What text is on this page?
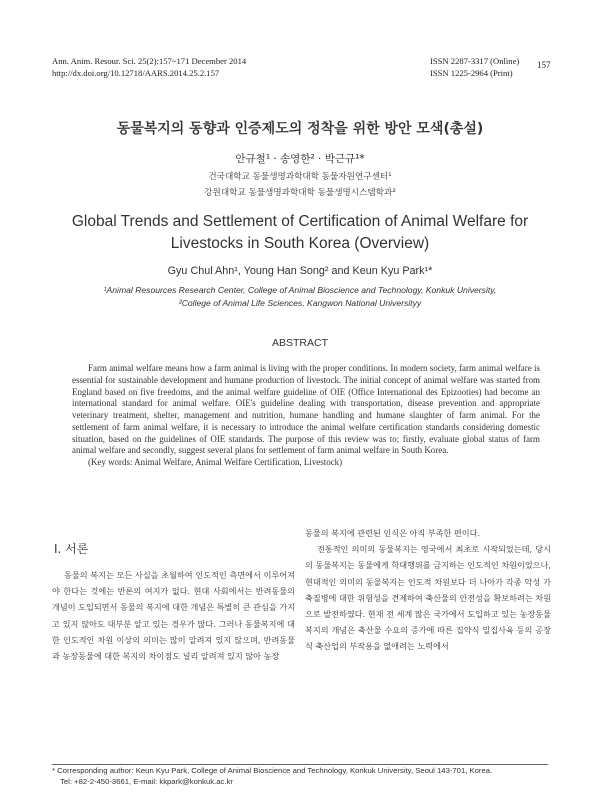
Ann. Anim. Resour. Sci. 25(2):157~171 December 2014
http://dx.doi.org/10.12718/AARS.2014.25.2.157
ISSN 2287-3317 (Online)
ISSN 1225-2964 (Print)
157
동물복지의 동향과 인증제도의 정착을 위한 방안 모색(총설)
안규철¹ · 송영한² · 박근규¹*
건국대학교 동물생명과학대학 동물자원연구센터¹
강원대학교 동물생명과학대학 동물생명시스템학과²
Global Trends and Settlement of Certification of Animal Welfare for
Livestocks in South Korea (Overview)
Gyu Chul Ahn¹, Young Han Song² and Keun Kyu Park¹*
¹Animal Resources Research Center, College of Animal Bioscience and Technology, Konkuk University,
²College of Animal Life Sciences, Kangwon National Universityy
ABSTRACT

Farm animal welfare means how a farm animal is living with the proper conditions. In modern society, farm animal welfare is essential for sustainable development and humane production of livestock. The initial concept of animal welfare was started from England based on five freedoms, and the animal welfare guideline of OIE (Office International des Epizooties) had become an international standard for animal welfare. OIE's guideline dealing with transportation, disease prevention and appropriate veterinary treatment, shelter, management and nutrition, humane handling and humane slaughter of farm animal. For the settlement of farm animal welfare, it is necessary to introduce the animal welfare certification standards considering domestic situation, based on the guidelines of OIE standards. The purpose of this review was to; firstly, evaluate global status of farm animal welfare and secondly, suggest several plans for settlement of farm animal welfare in South Korea.

(Key words: Animal Welfare, Animal Welfare Certification, Livestock)

Ⅰ. 서론

동물의 복지는 모든 사실을 초월하여 인도적인 측면에서 이루어져야 한다는 것에는 반론의 여지가 없다. 현대 사회에서는 반려동물의 개념이 도입되면서 동물의 복지에 대한 개념은 특별히 큰 관심을 가지고 있지 않아도 대부분 알고 있는 경우가 많다. 그러나 동물복지에 대한 인도적인 차원 이상의 의미는 많이 알려져 있지 않으며, 반려동물과 농장동물에 대한 복지의 차이점도 널리 알려져 있지 않아 농장

동물의 복지에 관련된 인식은 아직 부족한 편이다.

전통적인 의미의 동물복지는 영국에서 최초로 시작되었는데, 당시의 동물복지는 동물에게 학대행위를 금지하는 인도적인 차원이었으나, 현대적인 의미의 동물복지는 인도적 차원보다 더 나아가 각종 악성 가축질병에 대한 위험성을 견제하여 축산물의 안전성을 확보하려는 차원으로 발전하였다. 현재 전 세계 많은 국가에서 도입하고 있는 농장동물복지의 개념은 축산물 수요의 증가에 따른 집약식 밀집사육 등의 공장식 축산업의 부작용을 없애려는 노력에서

* Corresponding author: Keun Kyu Park, College of Animal Bioscience and Technology, Konkuk University, Seoul 143-701, Korea.
Tel: +82-2-450-3661, E-mail: kkpark@konkuk.ac.kr
